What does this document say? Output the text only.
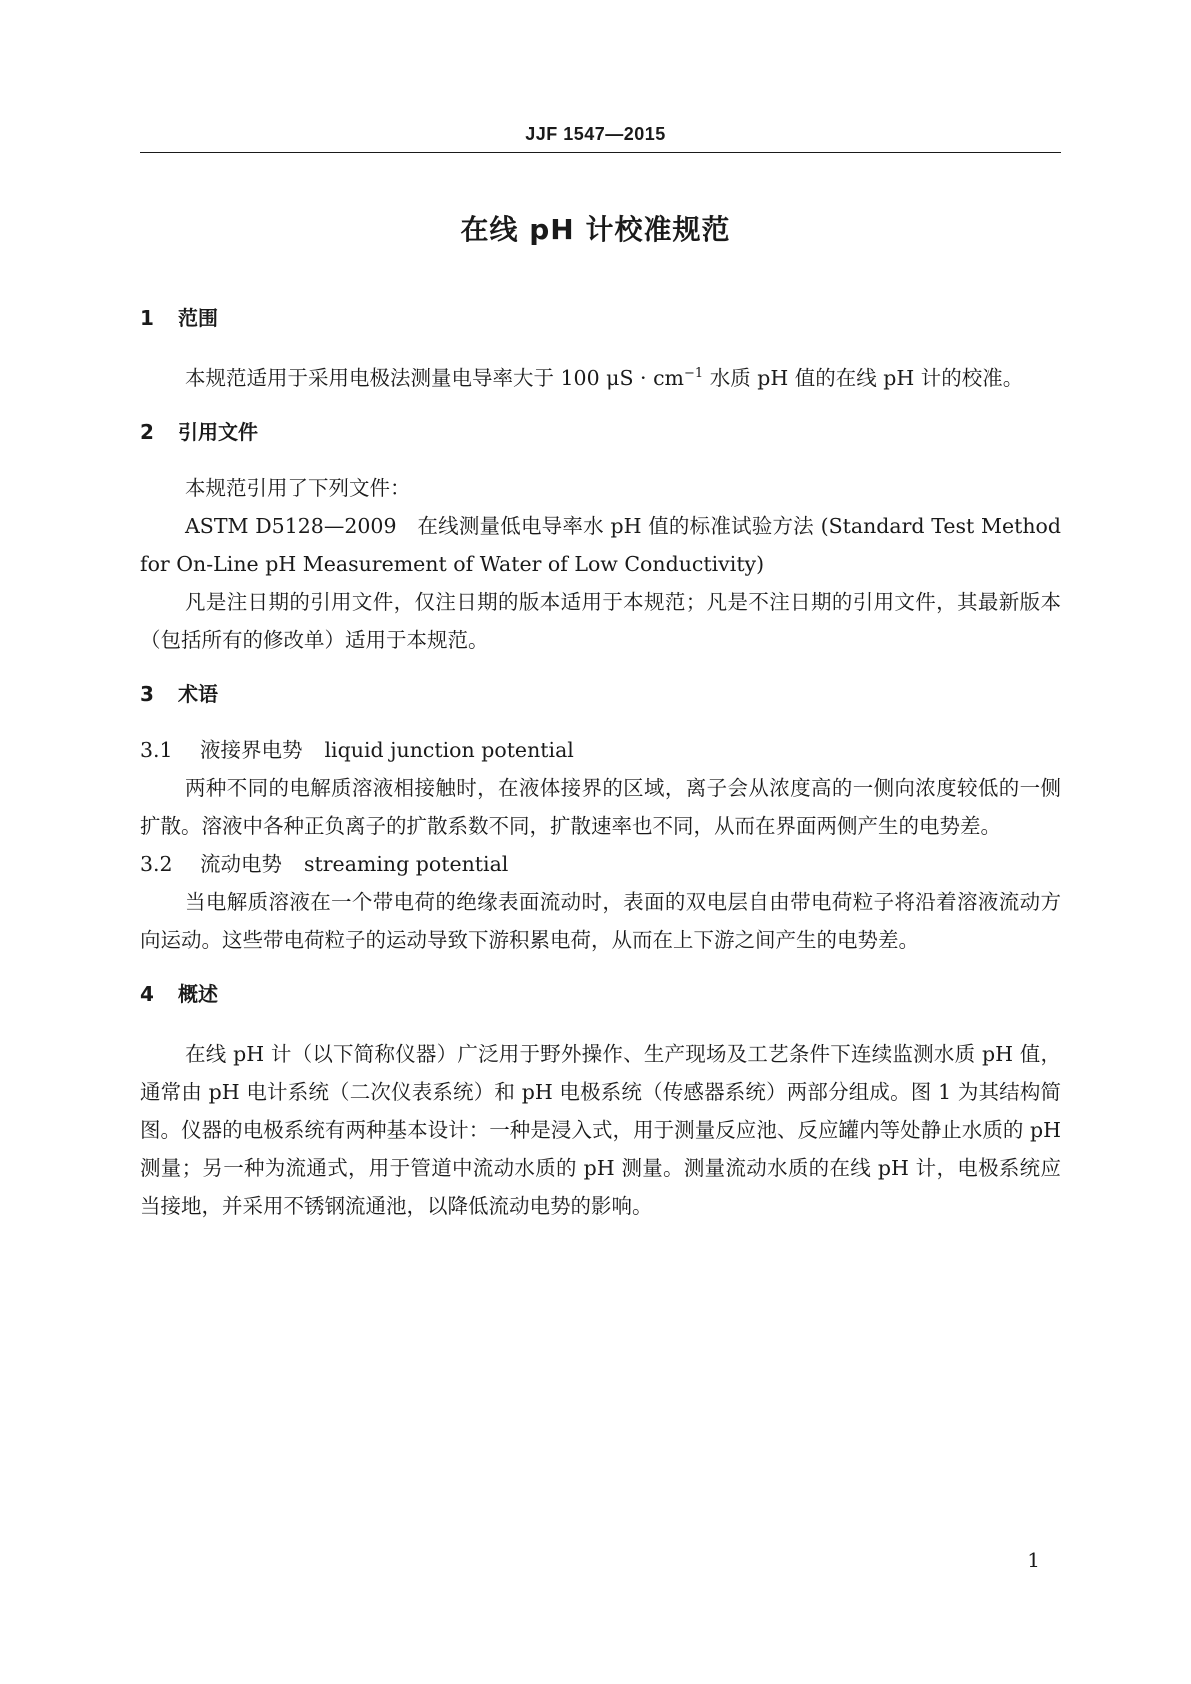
JJF 1547—2015
在线 pH 计校准规范
1 范围

本规范适用于采用电极法测量电导率大于 100 $\mu S \cdot cm^{-1}$ 水质 pH 值的在线 pH 计的校准。

2 引用文件

本规范引用了下列文件：

ASTM D5128—2009　在线测量低电导率水 pH 值的标准试验方法 (Standard Test Method for On-Line pH Measurement of Water of Low Conductivity)

凡是注日期的引用文件，仅注日期的版本适用于本规范；凡是不注日期的引用文件，其最新版本（包括所有的修改单）适用于本规范。

3 术语

3.1 液接界电势 liquid junction potential

两种不同的电解质溶液相接触时，在液体接界的区域，离子会从浓度高的一侧向浓度较低的一侧扩散。溶液中各种正负离子的扩散系数不同，扩散速率也不同，从而在界面两侧产生的电势差。

3.2 流动电势 streaming potential

当电解质溶液在一个带电荷的绝缘表面流动时，表面的双电层自由带电荷粒子将沿着溶液流动方向运动。这些带电荷粒子的运动导致下游积累电荷，从而在上下游之间产生的电势差。

4 概述

在线 pH 计（以下简称仪器）广泛用于野外操作、生产现场及工艺条件下连续监测水质 pH 值，通常由 pH 电计系统（二次仪表系统）和 pH 电极系统（传感器系统）两部分组成。图 1 为其结构简图。仪器的电极系统有两种基本设计：一种是浸入式，用于测量反应池、反应罐内等处静止水质的 pH 测量；另一种为流通式，用于管道中流动水质的 pH 测量。测量流动水质的在线 pH 计，电极系统应当接地，并采用不锈钢流通池，以降低流动电势的影响。

1
